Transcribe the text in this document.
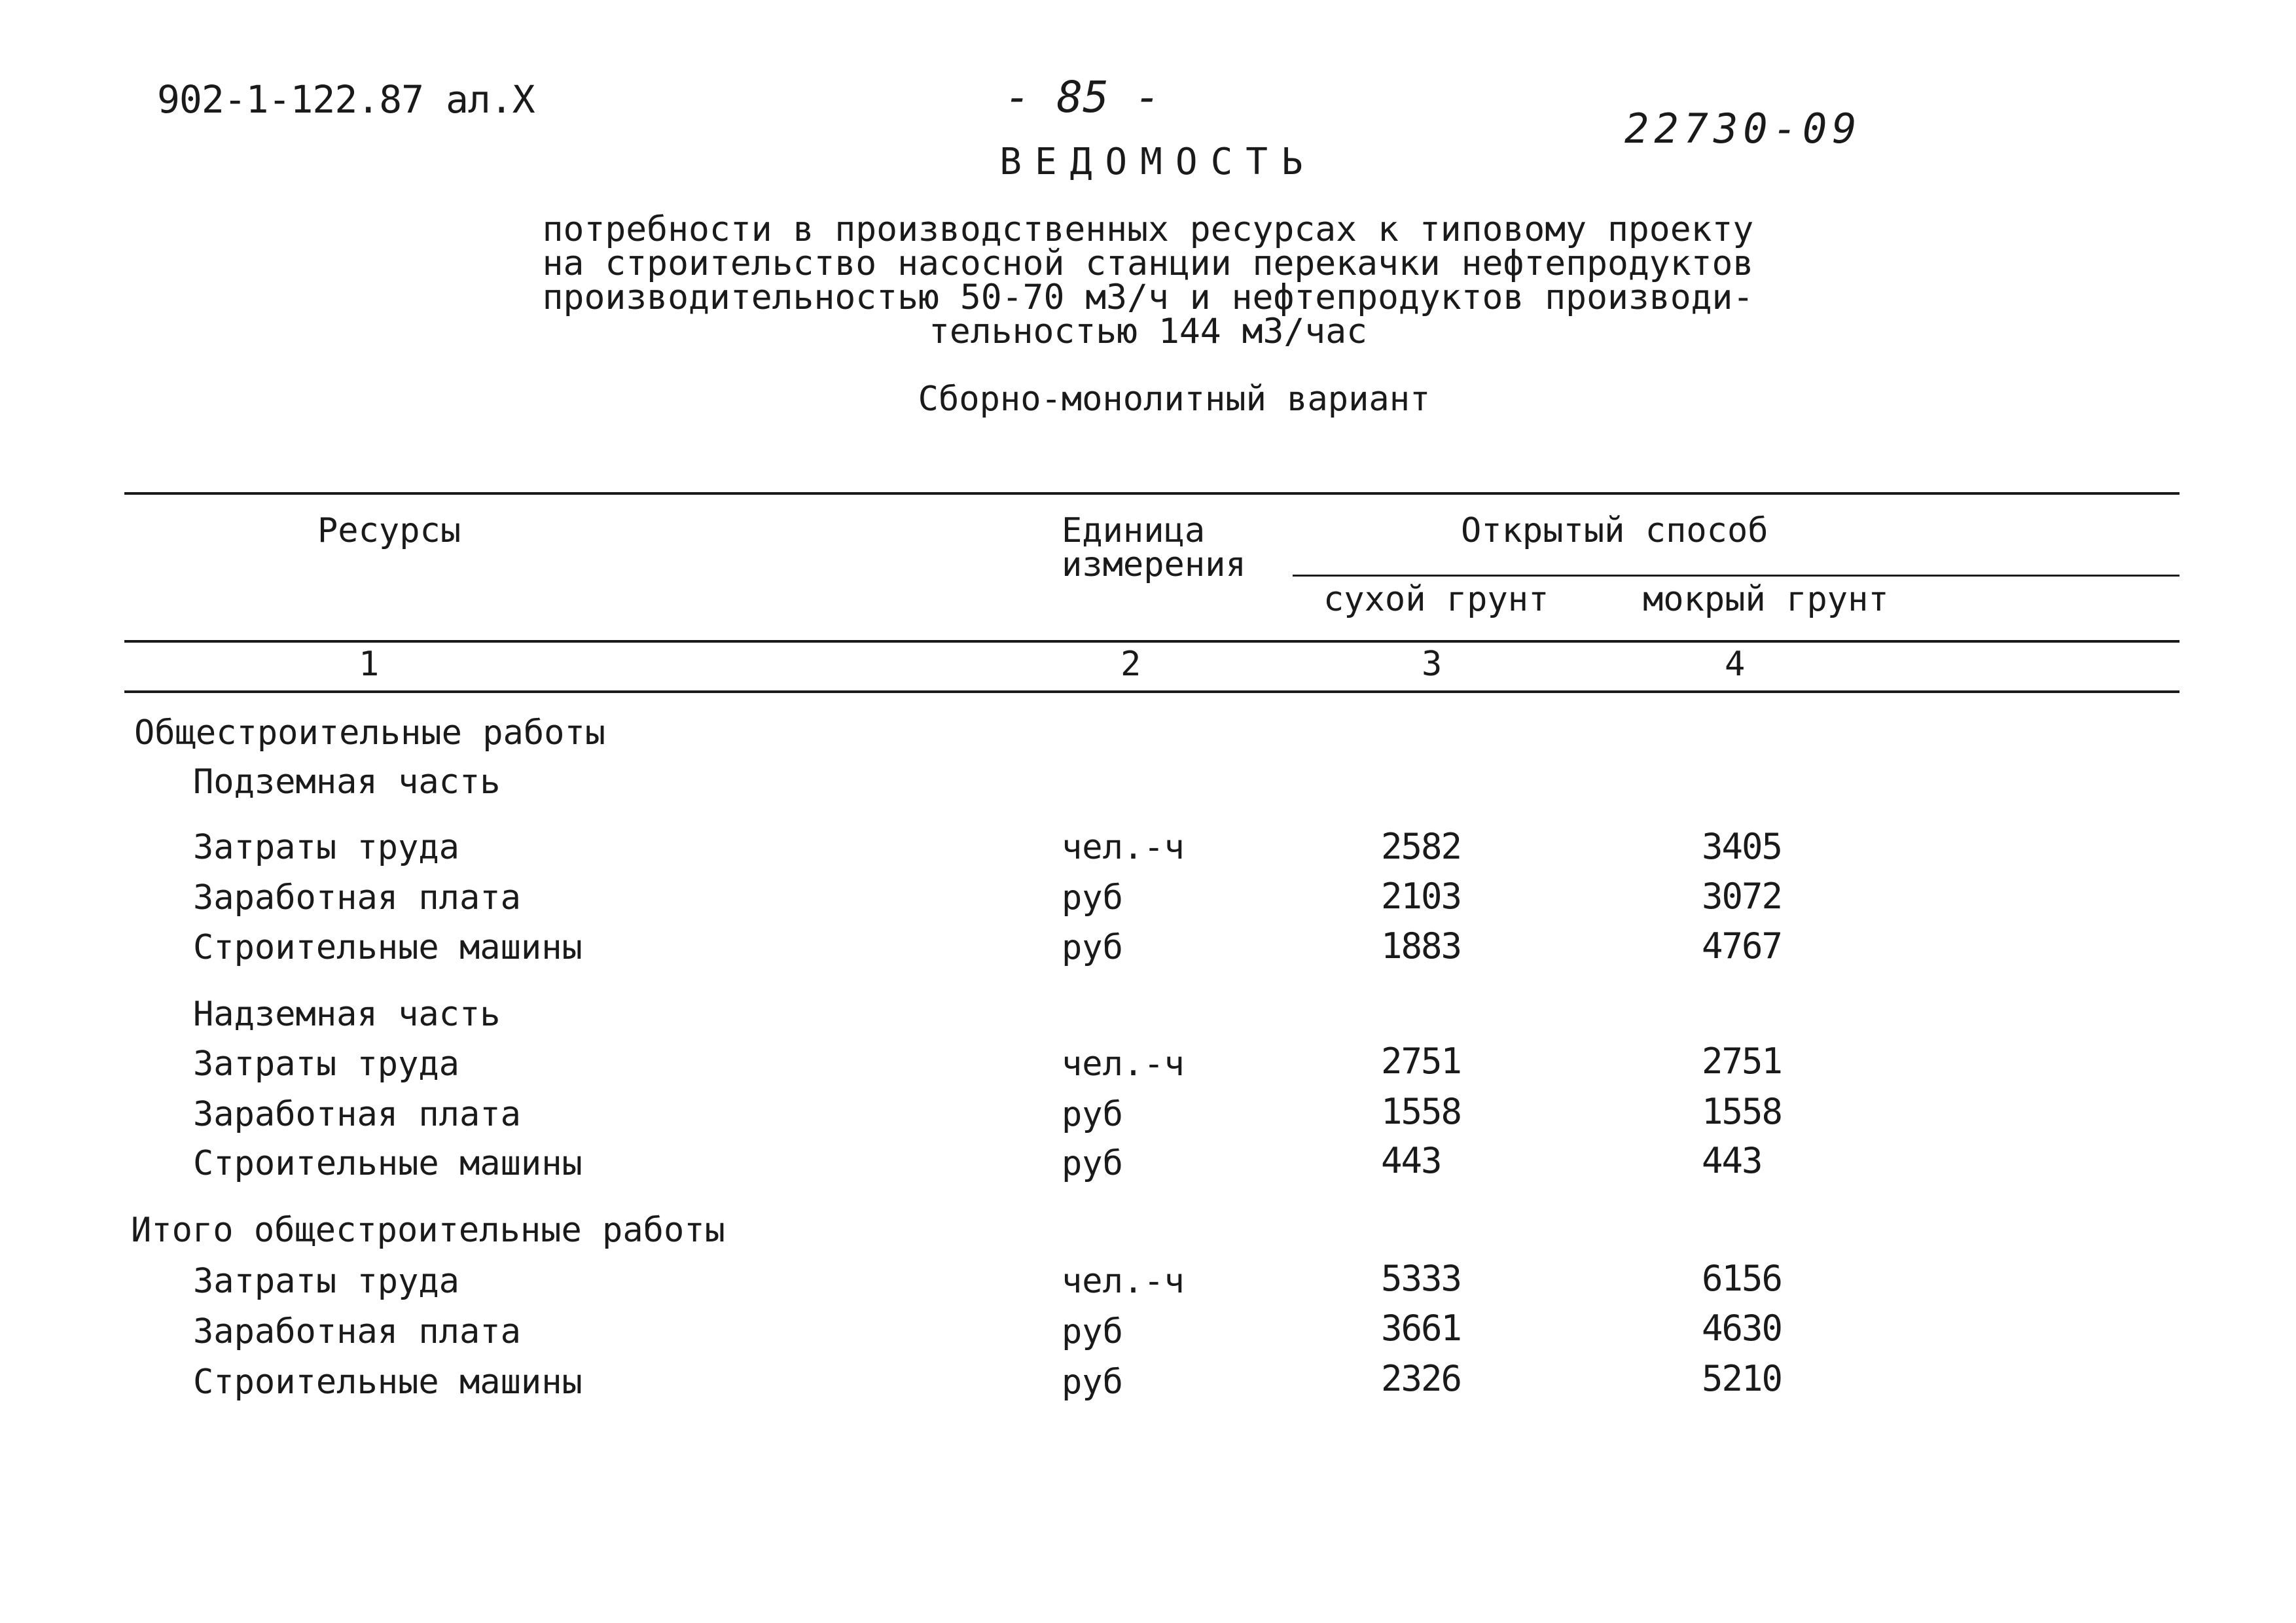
902-1-122.87 ал.Х	- 85 -
22730-09
ВЕДОМОСТЬ
потребности в производственных ресурсах к типовому проекту
на строительство насосной станции перекачки нефтепродуктов
производительностью 50-70 м3/ч и нефтепродуктов производи-
тельностью 144 м3/час
Сборно-монолитный вариант
Ресурсы	Единица
измерения
Открытый способ
сухой грунт	мокрый грунт
1	2	3	4
Общестроительные работы
Подземная часть
Затраты труда	чел.-ч	2582	3405
Заработная плата	руб	2103	3072
Строительные машины	руб	1883	4767
Надземная часть
Затраты труда	чел.-ч	2751	2751
Заработная плата	руб	1558	1558
Строительные машины	руб	443	443
Итого общестроительные работы
Затраты труда	чел.-ч	5333	6156
Заработная плата	руб	3661	4630
Строительные машины	руб	2326	5210
